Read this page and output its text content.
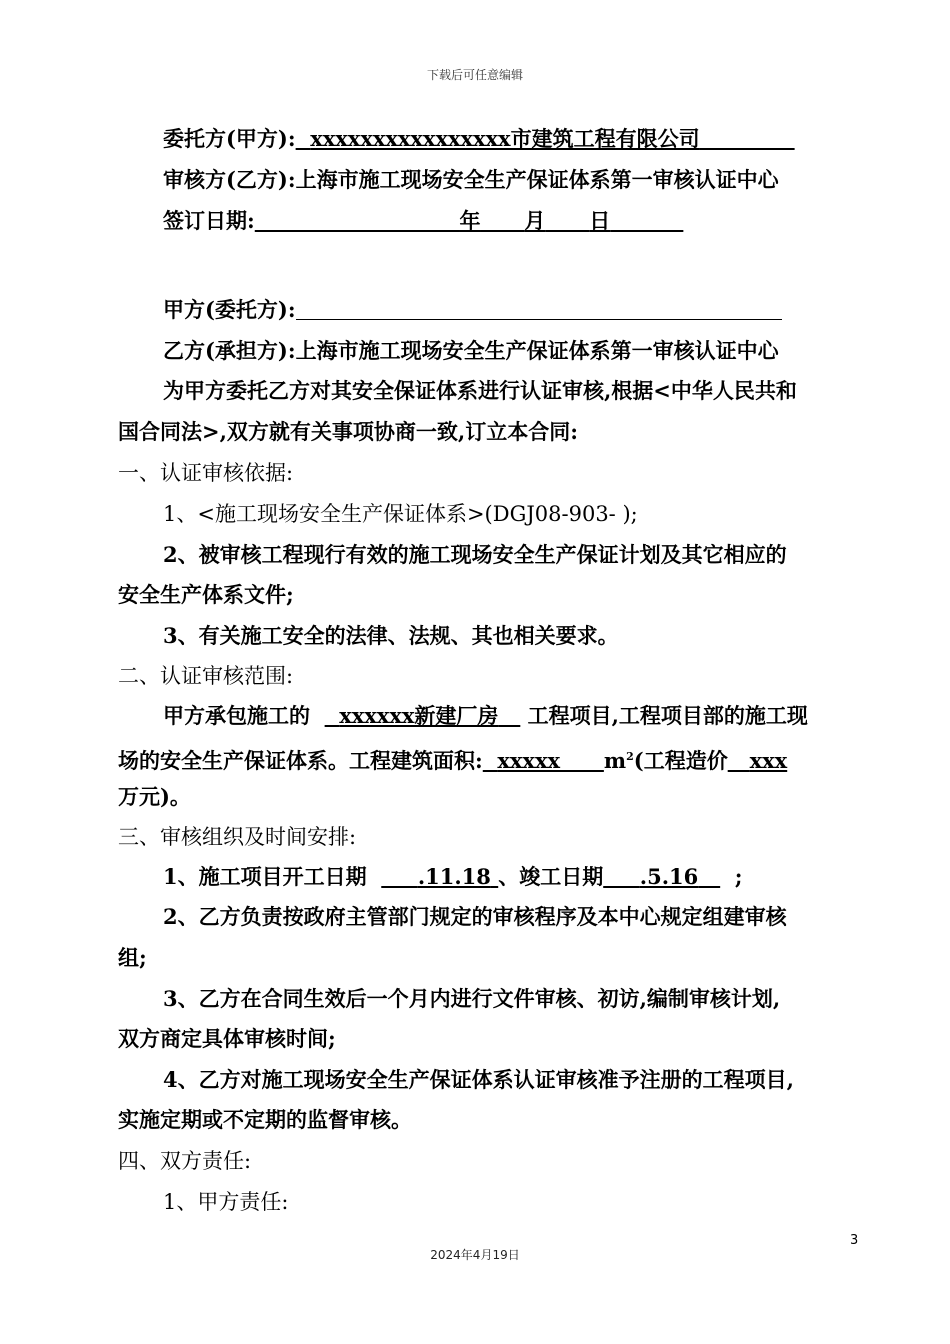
下载后可任意编辑
委托方(甲方): xxxxxxxxxxxxxxxx市建筑工程有限公司
审核方(乙方):上海市施工现场安全生产保证体系第一审核认证中心
签订日期:	年 月 日
甲方(委托方):
乙方(承担方):上海市施工现场安全生产保证体系第一审核认证中心
为甲方委托乙方对其安全保证体系进行认证审核,根据<中华人民共和
国合同法>,双方就有关事项协商一致,订立本合同:
一、认证审核依据:
1、<施工现场安全生产保证体系>(DGJ08-903- );
2、被审核工程现行有效的施工现场安全生产保证计划及其它相应的
安全生产体系文件;
3、有关施工安全的法律、法规、其也相关要求。
二、认证审核范围:
甲方承包施工的 xxxxxx新建厂房 工程项目,工程项目部的施工现
场的安全生产保证体系。工程建筑面积: xxxxx $m^2$(工程造价 xxx
万元)。
三、审核组织及时间安排:
1、施工项目开工日期 .11.18 、竣工日期 .5.16 ;
2、乙方负责按政府主管部门规定的审核程序及本中心规定组建审核
组;
3、乙方在合同生效后一个月内进行文件审核、初访,编制审核计划,
双方商定具体审核时间;
4、乙方对施工现场安全生产保证体系认证审核准予注册的工程项目,
实施定期或不定期的监督审核。
四、双方责任:
1、甲方责任:
3
2024年4月19日
